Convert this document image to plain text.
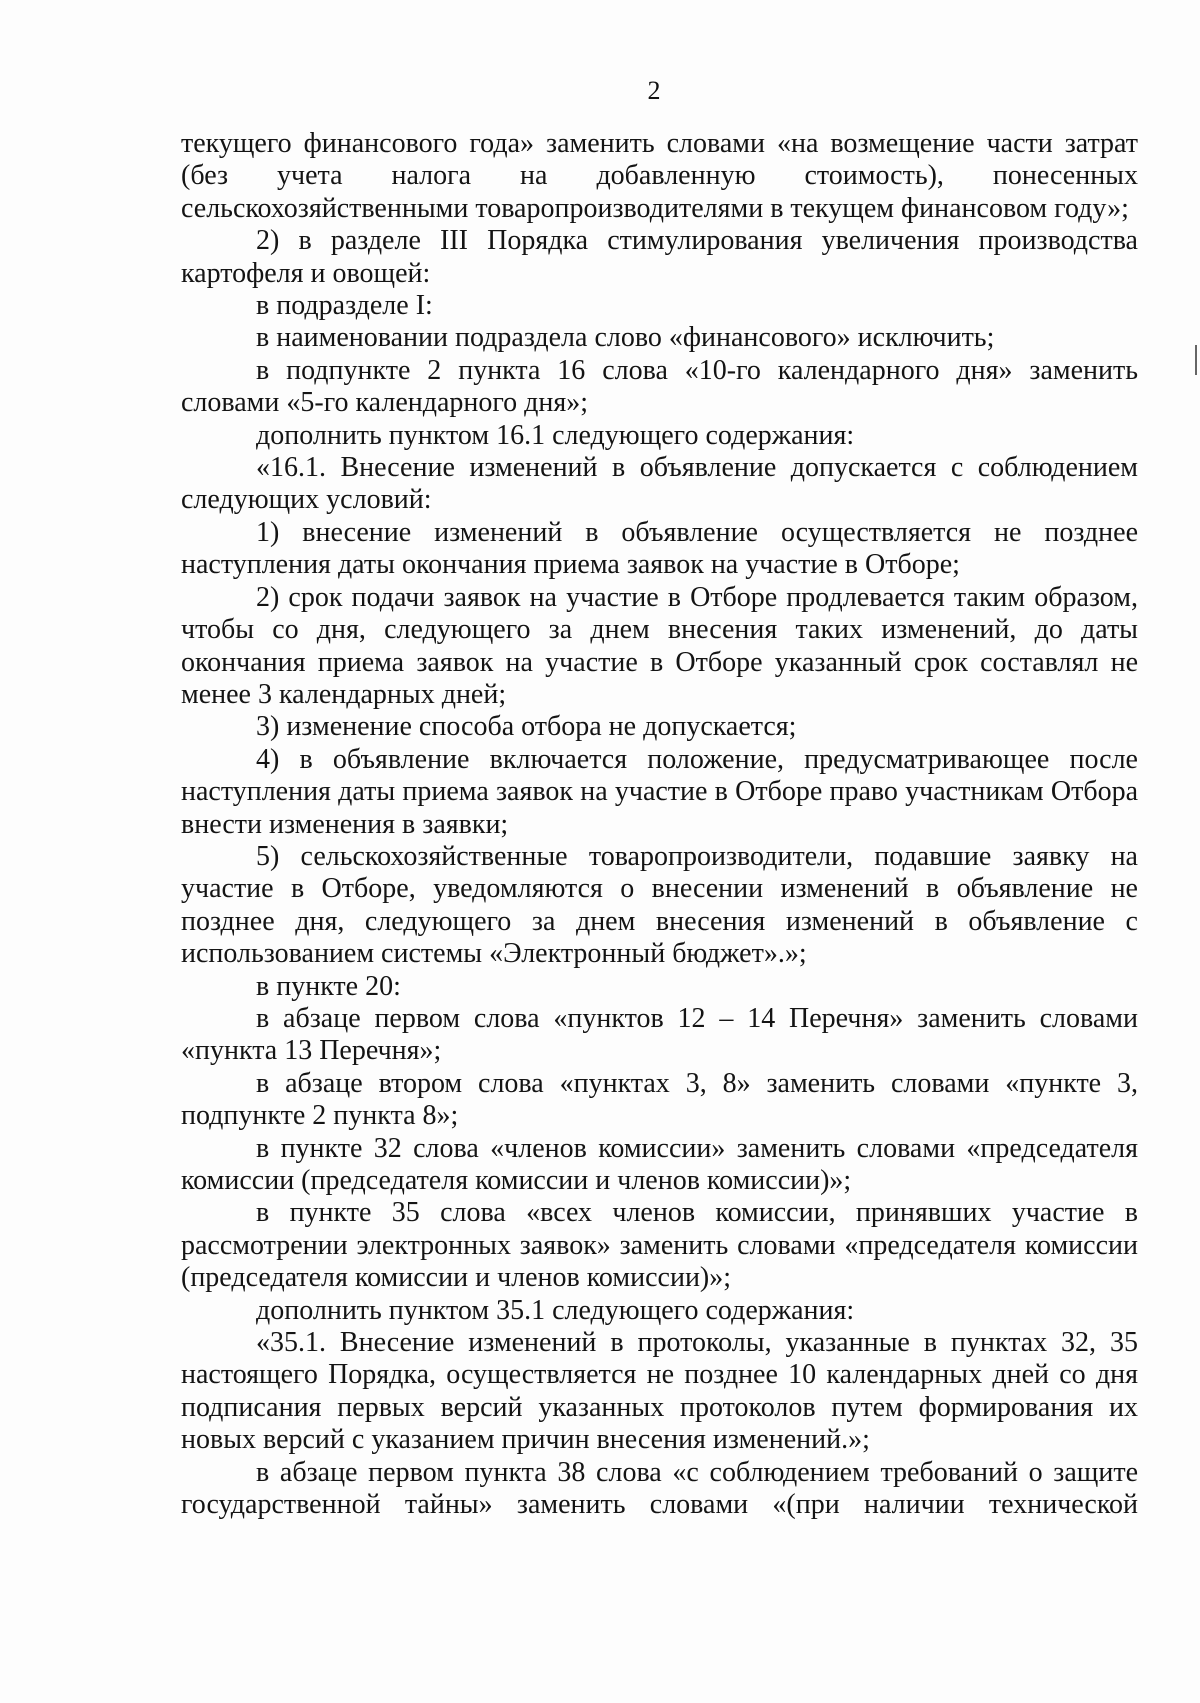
2

текущего финансового года» заменить словами «на возмещение части затрат (без учета налога на добавленную стоимость), понесенных сельскохозяйственными товаропроизводителями в текущем финансовом году»;

2) в разделе III Порядка стимулирования увеличения производства картофеля и овощей:

в подразделе I:

в наименовании подраздела слово «финансового» исключить;

в подпункте 2 пункта 16 слова «10-го календарного дня» заменить словами «5-го календарного дня»;

дополнить пунктом 16.1 следующего содержания:

«16.1. Внесение изменений в объявление допускается с соблюдением следующих условий:

1) внесение изменений в объявление осуществляется не позднее наступления даты окончания приема заявок на участие в Отборе;

2) срок подачи заявок на участие в Отборе продлевается таким образом, чтобы со дня, следующего за днем внесения таких изменений, до даты окончания приема заявок на участие в Отборе указанный срок составлял не менее 3 календарных дней;

3) изменение способа отбора не допускается;

4) в объявление включается положение, предусматривающее после наступления даты приема заявок на участие в Отборе право участникам Отбора внести изменения в заявки;

5) сельскохозяйственные товаропроизводители, подавшие заявку на участие в Отборе, уведомляются о внесении изменений в объявление не позднее дня, следующего за днем внесения изменений в объявление с использованием системы «Электронный бюджет».»;

в пункте 20:

в абзаце первом слова «пунктов 12 – 14 Перечня» заменить словами «пункта 13 Перечня»;

в абзаце втором слова «пунктах 3, 8» заменить словами «пункте 3, подпункте 2 пункта 8»;

в пункте 32 слова «членов комиссии» заменить словами «председателя комиссии (председателя комиссии и членов комиссии)»;

в пункте 35 слова «всех членов комиссии, принявших участие в рассмотрении электронных заявок» заменить словами «председателя комиссии (председателя комиссии и членов комиссии)»;

дополнить пунктом 35.1 следующего содержания:

«35.1. Внесение изменений в протоколы, указанные в пунктах 32, 35 настоящего Порядка, осуществляется не позднее 10 календарных дней со дня подписания первых версий указанных протоколов путем формирования их новых версий с указанием причин внесения изменений.»;

в абзаце первом пункта 38 слова «с соблюдением требований о защите государственной тайны» заменить словами «(при наличии технической
